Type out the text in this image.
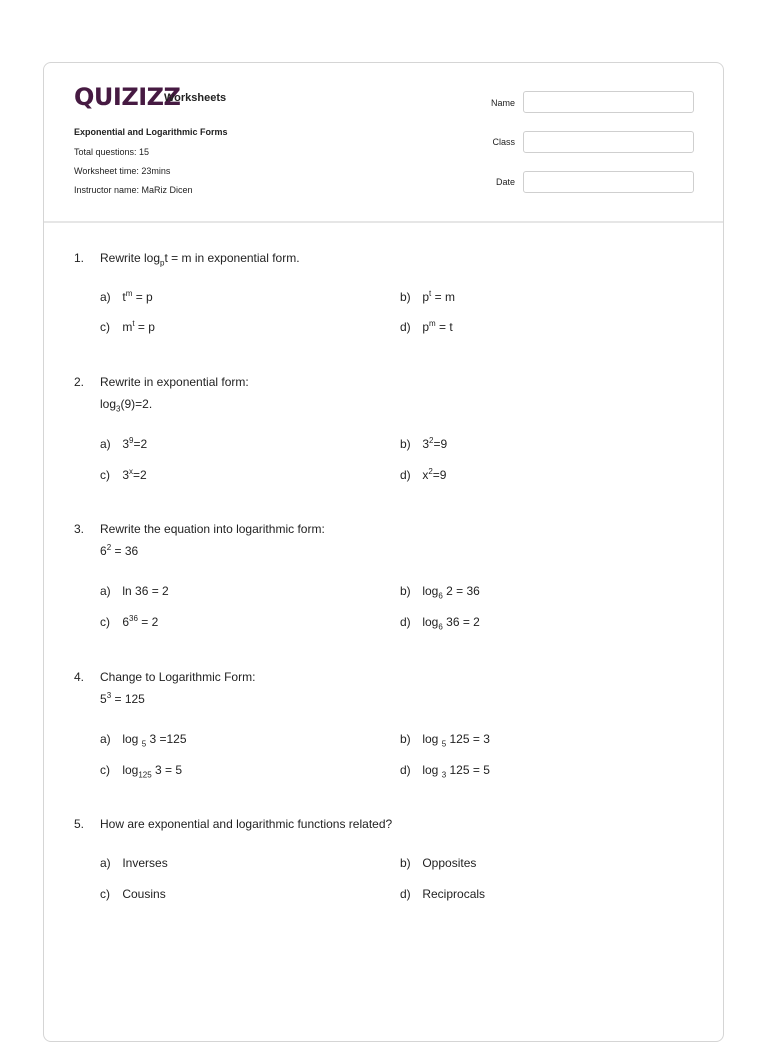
QUIZIZZ
Worksheets
Exponential and Logarithmic Forms
Total questions: 15
Worksheet time: 23mins
Instructor name: MaRiz Dicen
Name
Class
Date
1. Rewrite $\log_pt = m$ in exponential form.
a) $t^m = p$	b) $p^t = m$
c) $m^t = p$	d) $p^m = t$
2. Rewrite in exponential form:
$\log_3(9)=2$.
a) $3^9=2$	b) $3^2=9$
c) $3^x=2$	d) $x^2=9$
3. Rewrite the equation into logarithmic form:
$6^2 = 36$
a) ln 36 = 2	b) $\log_6 2 = 36$
c) $6^{36} = 2$	d) $\log_6 36 = 2$
4. Change to Logarithmic Form:
$5^3 = 125$
a) log $_5$ 3 =125	b) log $_5$ 125 = 3
c) $\log_{125} 3 = 5$	d) log $_3$ 125 = 5
5. How are exponential and logarithmic functions related?
a) Inverses	b) Opposites
c) Cousins	d) Reciprocals
